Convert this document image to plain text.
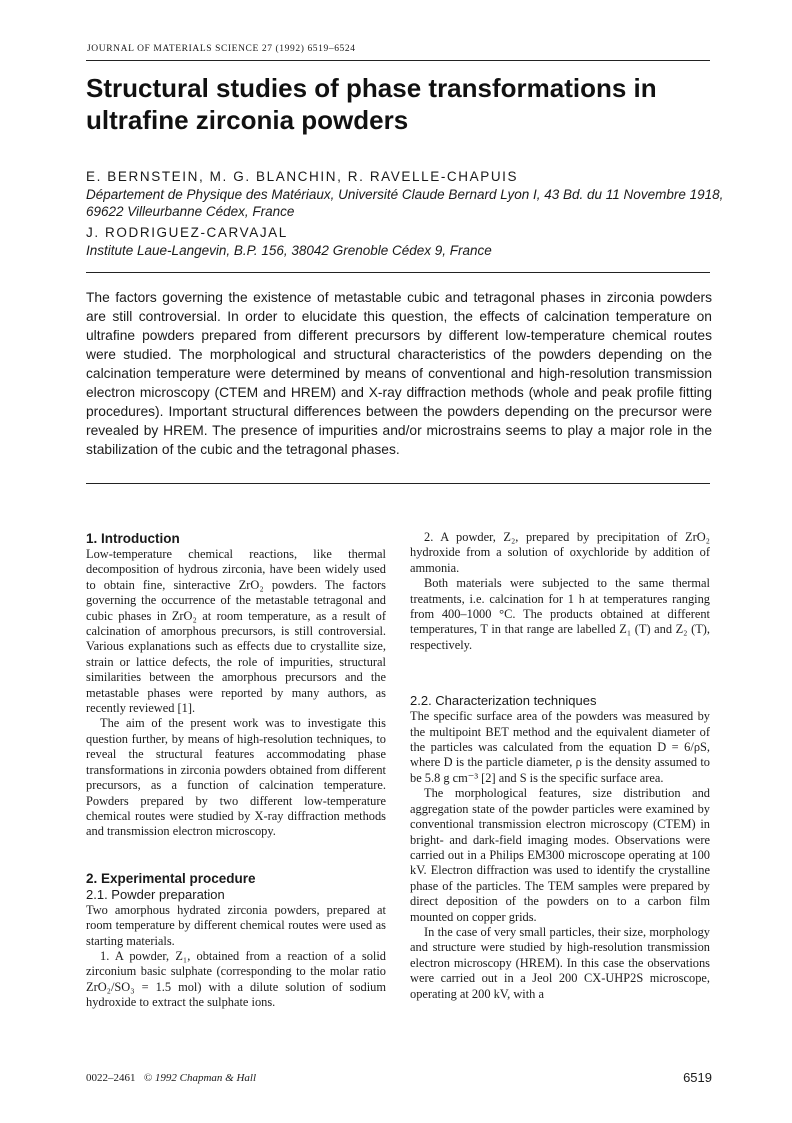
JOURNAL OF MATERIALS SCIENCE 27 (1992) 6519–6524
Structural studies of phase transformations in ultrafine zirconia powders
E. BERNSTEIN, M. G. BLANCHIN, R. RAVELLE-CHAPUIS
Département de Physique des Matériaux, Université Claude Bernard Lyon I, 43 Bd. du 11 Novembre 1918, 69622 Villeurbanne Cédex, France
J. RODRIGUEZ-CARVAJAL
Institute Laue-Langevin, B.P. 156, 38042 Grenoble Cédex 9, France

The factors governing the existence of metastable cubic and tetragonal phases in zirconia powders are still controversial. In order to elucidate this question, the effects of calcination temperature on ultrafine powders prepared from different precursors by different low-temperature chemical routes were studied. The morphological and structural characteristics of the powders depending on the calcination temperature were determined by means of conventional and high-resolution transmission electron microscopy (CTEM and HREM) and X-ray diffraction methods (whole and peak profile fitting procedures). Important structural differences between the powders depending on the precursor were revealed by HREM. The presence of impurities and/or microstrains seems to play a major role in the stabilization of the cubic and the tetragonal phases.

1. Introduction

Low-temperature chemical reactions, like thermal decomposition of hydrous zirconia, have been widely used to obtain fine, sinteractive ZrO₂ powders. The factors governing the occurrence of the metastable tetragonal and cubic phases in ZrO₂ at room temperature, as a result of calcination of amorphous precursors, is still controversial. Various explanations such as effects due to crystallite size, strain or lattice defects, the role of impurities, structural similarities between the amorphous precursors and the metastable phases were reported by many authors, as recently reviewed [1].

The aim of the present work was to investigate this question further, by means of high-resolution techniques, to reveal the structural features accommodating phase transformations in zirconia powders obtained from different precursors, as a function of calcination temperature. Powders prepared by two different low-temperature chemical routes were studied by X-ray diffraction methods and transmission electron microscopy.

2. Experimental procedure
2.1. Powder preparation

Two amorphous hydrated zirconia powders, prepared at room temperature by different chemical routes were used as starting materials.

1. A powder, Z₁, obtained from a reaction of a solid zirconium basic sulphate (corresponding to the molar ratio ZrO₂/SO₃ = 1.5 mol) with a dilute solution of sodium hydroxide to extract the sulphate ions.

2. A powder, Z₂, prepared by precipitation of ZrO₂ hydroxide from a solution of oxychloride by addition of ammonia.

Both materials were subjected to the same thermal treatments, i.e. calcination for 1 h at temperatures ranging from 400–1000 °C. The products obtained at different temperatures, T in that range are labelled Z₁ (T) and Z₂ (T), respectively.

2.2. Characterization techniques

The specific surface area of the powders was measured by the multipoint BET method and the equivalent diameter of the particles was calculated from the equation D = 6/ρS, where D is the particle diameter, ρ is the density assumed to be 5.8 g cm⁻³ [2] and S is the specific surface area.

The morphological features, size distribution and aggregation state of the powder particles were examined by conventional transmission electron microscopy (CTEM) in bright- and dark-field imaging modes. Observations were carried out in a Philips EM300 microscope operating at 100 kV. Electron diffraction was used to identify the crystalline phase of the particles. The TEM samples were prepared by direct deposition of the powders on to a carbon film mounted on copper grids.

In the case of very small particles, their size, morphology and structure were studied by high-resolution transmission electron microscopy (HREM). In this case the observations were carried out in a Jeol 200 CX-UHP2S microscope, operating at 200 kV, with a

0022–2461 © 1992 Chapman & Hall	6519
